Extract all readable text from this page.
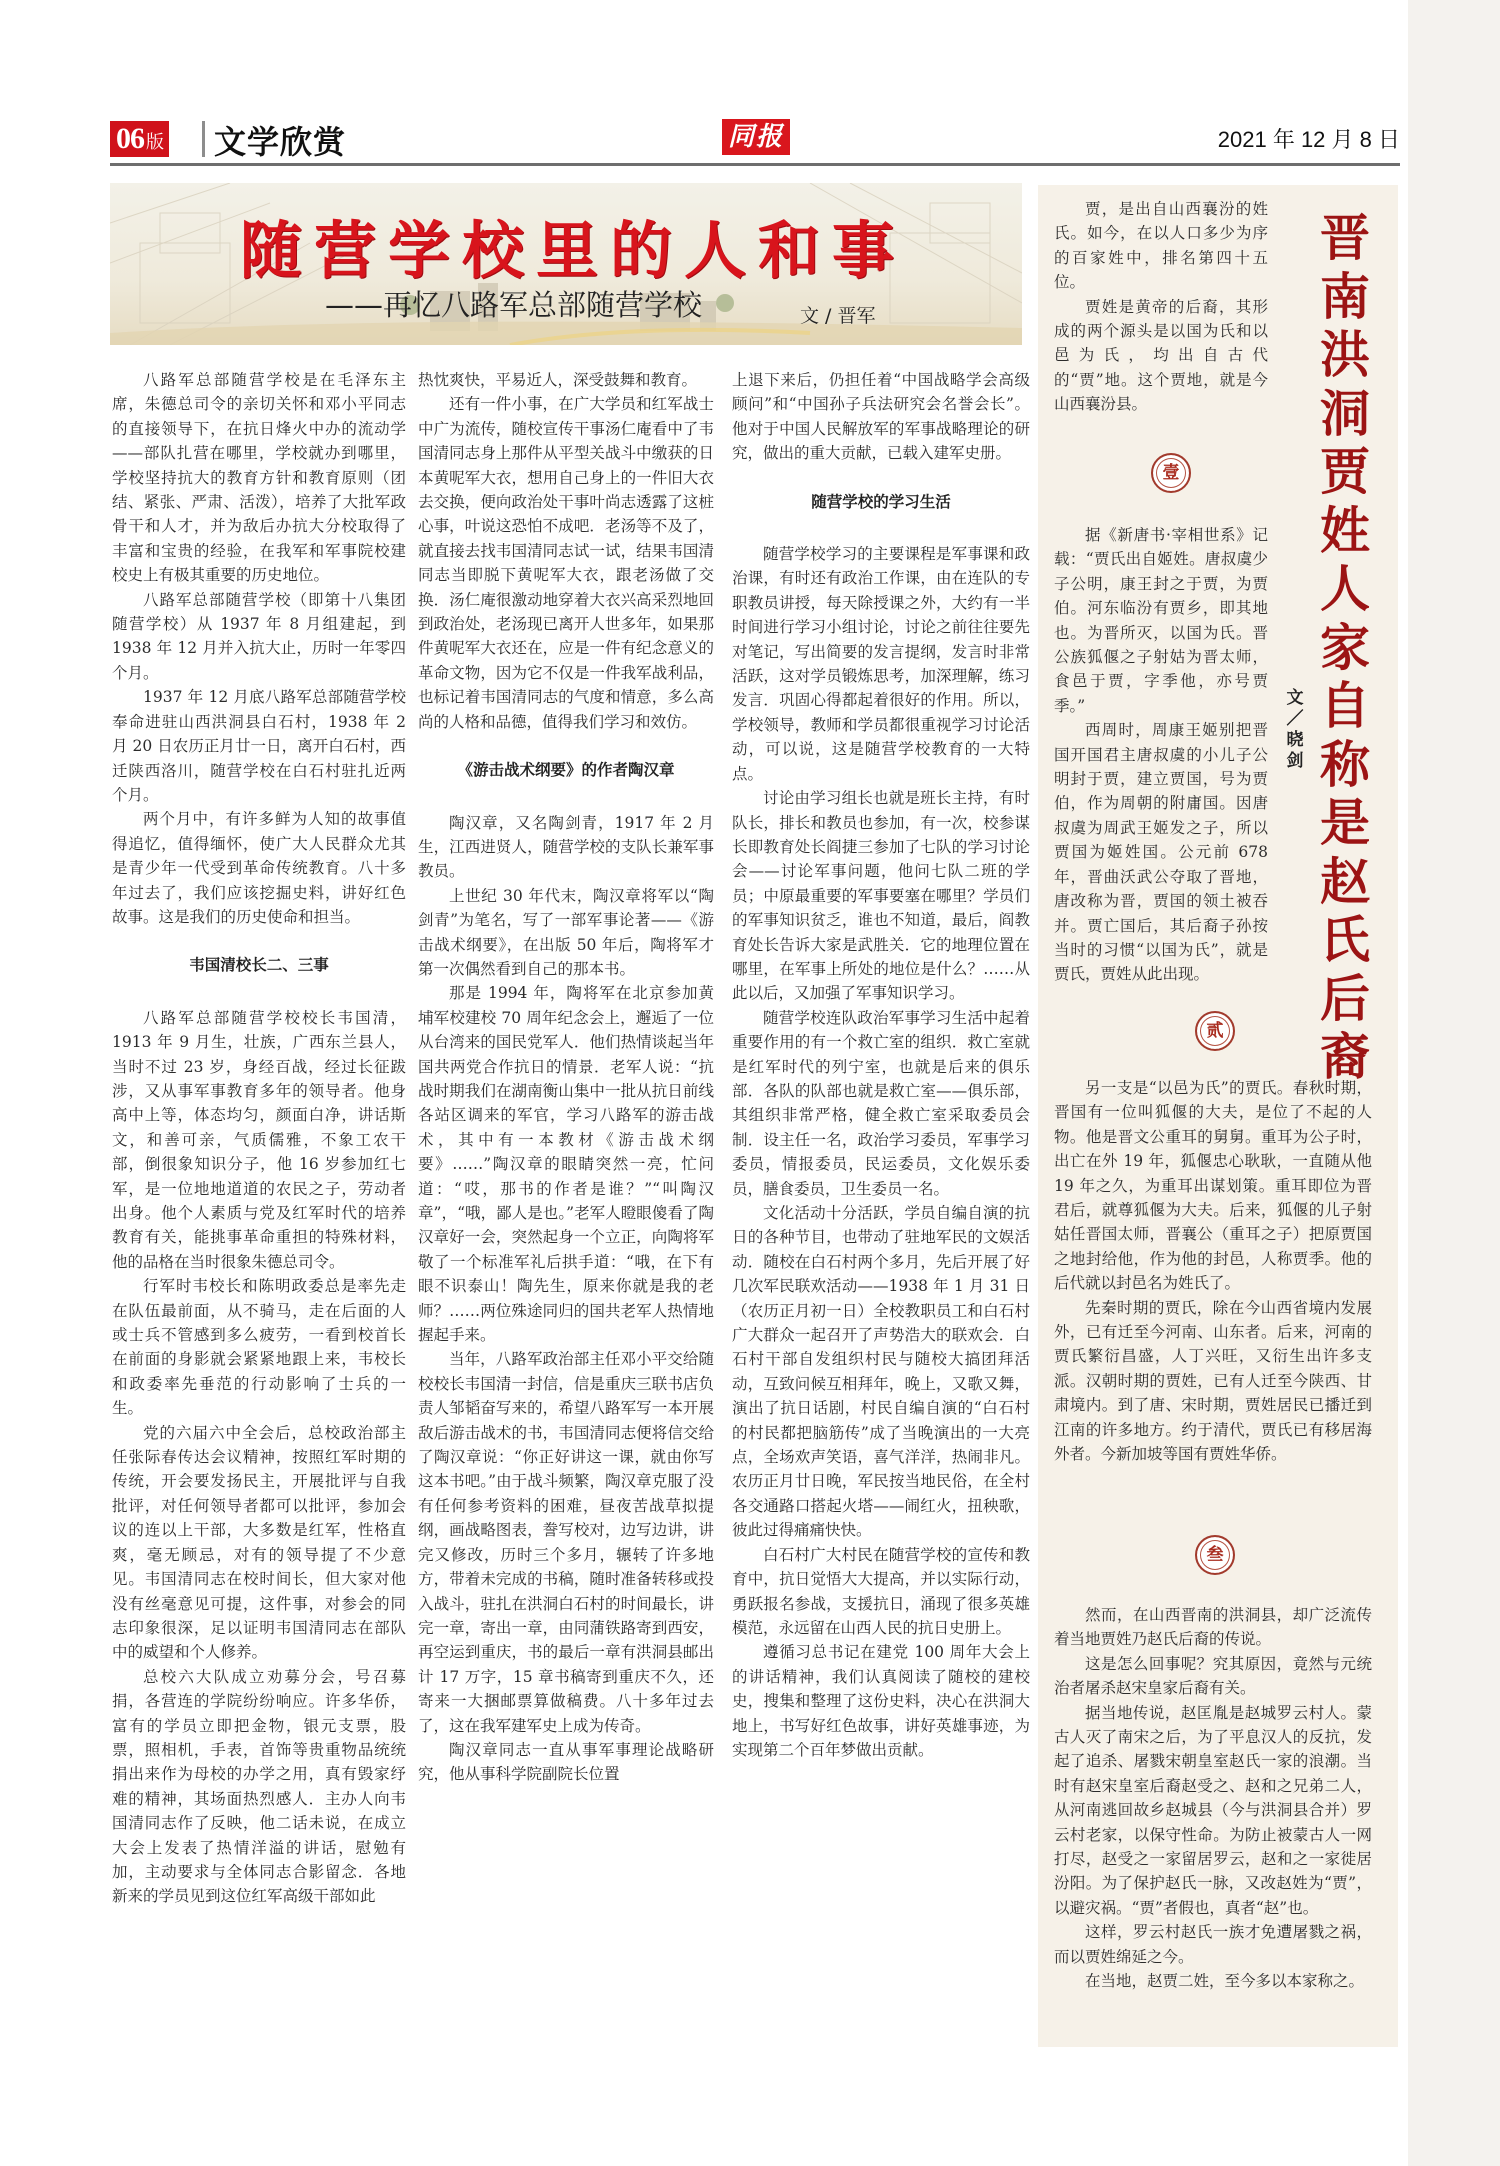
06 版 文学欣赏	同报	2021 年 12 月 8 日
随营学校里的人和事
——再忆八路军总部随营学校	文 / 晋军

八路军总部随营学校是在毛泽东主席，朱德总司令的亲切关怀和邓小平同志的直接领导下，在抗日烽火中办的流动学——部队扎营在哪里，学校就办到哪里，学校坚持抗大的教育方针和教育原则（团结、紧张、严肃、活泼），培养了大批军政骨干和人才，并为敌后办抗大分校取得了丰富和宝贵的经验，在我军和军事院校建校史上有极其重要的历史地位。

八路军总部随营学校（即第十八集团随营学校）从 1937 年 8 月组建起，到 1938 年 12 月并入抗大止，历时一年零四个月。

1937 年 12 月底八路军总部随营学校奉命进驻山西洪洞县白石村，1938 年 2 月 20 日农历正月廿一日，离开白石村，西迁陕西洛川，随营学校在白石村驻扎近两个月。

两个月中，有许多鲜为人知的故事值得追忆，值得缅怀，使广大人民群众尤其是青少年一代受到革命传统教育。八十多年过去了，我们应该挖掘史料，讲好红色故事。这是我们的历史使命和担当。

韦国清校长二、三事

八路军总部随营学校校长韦国清，1913 年 9 月生，壮族，广西东兰县人，当时不过 23 岁，身经百战，经过长征跋涉，又从事军事教育多年的领导者。他身高中上等，体态均匀，颜面白净，讲话斯文，和善可亲，气质儒雅，不象工农干部，倒很象知识分子，他 16 岁参加红七军，是一位地地道道的农民之子，劳动者出身。他个人素质与党及红军时代的培养教育有关，能挑事革命重担的特殊材料，他的品格在当时很象朱德总司令。

行军时韦校长和陈明政委总是率先走在队伍最前面，从不骑马，走在后面的人或士兵不管感到多么疲劳，一看到校首长在前面的身影就会紧紧地跟上来，韦校长和政委率先垂范的行动影响了士兵的一生。

党的六届六中全会后，总校政治部主任张际春传达会议精神，按照红军时期的传统，开会要发扬民主，开展批评与自我批评，对任何领导者都可以批评，参加会议的连以上干部，大多数是红军，性格直爽，毫无顾忌，对有的领导提了不少意见。韦国清同志在校时间长，但大家对他没有丝毫意见可提，这件事，对参会的同志印象很深，足以证明韦国清同志在部队中的威望和个人修养。

总校六大队成立劝募分会，号召募捐，各营连的学院纷纷响应。许多华侨，富有的学员立即把金物，银元支票，股票，照相机，手表，首饰等贵重物品统统捐出来作为母校的办学之用，真有毁家纾难的精神，其场面热烈感人．主办人向韦国清同志作了反映，他二话未说，在成立大会上发表了热情洋溢的讲话，慰勉有加，主动要求与全体同志合影留念．各地新来的学员见到这位红军高级干部如此

热忱爽快，平易近人，深受鼓舞和教育。

还有一件小事，在广大学员和红军战士中广为流传，随校宣传干事汤仁庵看中了韦国清同志身上那件从平型关战斗中缴获的日本黄呢军大衣，想用自己身上的一件旧大衣去交换，便向政治处干事叶尚志透露了这桩心事，叶说这恐怕不成吧．老汤等不及了，就直接去找韦国清同志试一试，结果韦国清同志当即脱下黄呢军大衣，跟老汤做了交换．汤仁庵很激动地穿着大衣兴高采烈地回到政治处，老汤现已离开人世多年，如果那件黄呢军大衣还在，应是一件有纪念意义的革命文物，因为它不仅是一件我军战利品，也标记着韦国清同志的气度和情意，多么高尚的人格和品德，值得我们学习和效仿。

《游击战术纲要》的作者陶汉章

陶汉章，又名陶剑青，1917 年 2 月生，江西进贤人，随营学校的支队长兼军事教员。

上世纪 30 年代末，陶汉章将军以“陶剑青”为笔名，写了一部军事论著——《游击战术纲要》，在出版 50 年后，陶将军才第一次偶然看到自己的那本书。

那是 1994 年，陶将军在北京参加黄埔军校建校 70 周年纪念会上，邂逅了一位从台湾来的国民党军人．他们热情谈起当年国共两党合作抗日的情景．老军人说：“抗战时期我们在湖南衡山集中一批从抗日前线各站区调来的军官，学习八路军的游击战术，其中有一本教材《游击战术纲要》……”陶汉章的眼睛突然一亮，忙问道：“哎，那书的作者是谁？”“叫陶汉章”，“哦，鄙人是也。”老军人瞪眼傻看了陶汉章好一会，突然起身一个立正，向陶将军敬了一个标准军礼后拱手道：“哦，在下有眼不识泰山！陶先生，原来你就是我的老师？……两位殊途同归的国共老军人热情地握起手来。

当年，八路军政治部主任邓小平交给随校校长韦国清一封信，信是重庆三联书店负责人邹韬奋写来的，希望八路军写一本开展敌后游击战术的书，韦国清同志便将信交给了陶汉章说：“你正好讲这一课，就由你写这本书吧。”由于战斗频繁，陶汉章克服了没有任何参考资料的困难，昼夜苦战草拟提纲，画战略图表，誊写校对，边写边讲，讲完又修改，历时三个多月，辗转了许多地方，带着未完成的书稿，随时准备转移或投入战斗，驻扎在洪洞白石村的时间最长，讲完一章，寄出一章，由同蒲铁路寄到西安，再空运到重庆，书的最后一章有洪洞县邮出计 17 万字，15 章书稿寄到重庆不久，还寄来一大捆邮票算做稿费。八十多年过去了，这在我军建军史上成为传奇。

陶汉章同志一直从事军事理论战略研究，他从事科学院副院长位置

上退下来后，仍担任着“中国战略学会高级顾问”和“中国孙子兵法研究会名誉会长”。他对于中国人民解放军的军事战略理论的研究，做出的重大贡献，已载入建军史册。

随营学校的学习生活

随营学校学习的主要课程是军事课和政治课，有时还有政治工作课，由在连队的专职教员讲授，每天除授课之外，大约有一半时间进行学习小组讨论，讨论之前往往要先对笔记，写出简要的发言提纲，发言时非常活跃，这对学员锻炼思考，加深理解，练习发言．巩固心得都起着很好的作用。所以，学校领导，教师和学员都很重视学习讨论活动，可以说，这是随营学校教育的一大特点。

讨论由学习组长也就是班长主持，有时队长，排长和教员也参加，有一次，校参谋长即教育处长阎捷三参加了七队的学习讨论会——讨论军事问题，他问七队二班的学员；中原最重要的军事要塞在哪里？学员们的军事知识贫乏，谁也不知道，最后，阎教育处长告诉大家是武胜关．它的地理位置在哪里，在军事上所处的地位是什么？……从此以后，又加强了军事知识学习。

随营学校连队政治军事学习生活中起着重要作用的有一个救亡室的组织．救亡室就是红军时代的列宁室，也就是后来的俱乐部．各队的队部也就是救亡室——俱乐部，其组织非常严格，健全救亡室采取委员会制．设主任一名，政治学习委员，军事学习委员，情报委员，民运委员，文化娱乐委员，膳食委员，卫生委员一名。

文化活动十分活跃，学员自编自演的抗日的各种节目，也带动了驻地军民的文娱活动．随校在白石村两个多月，先后开展了好几次军民联欢活动——1938 年 1 月 31 日（农历正月初一日）全校教职员工和白石村广大群众一起召开了声势浩大的联欢会．白石村干部自发组织村民与随校大搞团拜活动，互致问候互相拜年，晚上，又歌又舞，演出了抗日话剧，村民自编自演的“白石村的村民都把脑筋传”成了当晚演出的一大亮点，全场欢声笑语，喜气洋洋，热闹非凡。农历正月廿日晚，军民按当地民俗，在全村各交通路口搭起火塔——闹红火，扭秧歌，彼此过得痛痛快快。

白石村广大村民在随营学校的宣传和教育中，抗日觉悟大大提高，并以实际行动，勇跃报名参战，支援抗日，涌现了很多英雄模范，永远留在山西人民的抗日史册上。

遵循习总书记在建党 100 周年大会上的讲话精神，我们认真阅读了随校的建校史，搜集和整理了这份史料，决心在洪洞大地上，书写好红色故事，讲好英雄事迹，为实现第二个百年梦做出贡献。

晋
南
洪
洞
贾
姓
人
家
自
称
是
赵
氏
后
裔
文
／
晓
剑

贾，是出自山西襄汾的姓氏。如今，在以人口多少为序的百家姓中，排名第四十五位。

贾姓是黄帝的后裔，其形成的两个源头是以国为氏和以邑为氏，均出自古代的“贾”地。这个贾地，就是今山西襄汾县。

壹

据《新唐书·宰相世系》记载：“贾氏出自姬姓。唐叔虞少子公明，康王封之于贾，为贾伯。河东临汾有贾乡，即其地也。为晋所灭，以国为氏。晋公族狐偃之子射姑为晋太师，食邑于贾，字季他，亦号贾季。”

西周时，周康王姬别把晋国开国君主唐叔虞的小儿子公明封于贾，建立贾国，号为贾伯，作为周朝的附庸国。因唐叔虞为周武王姬发之子，所以贾国为姬姓国。公元前 678 年，晋曲沃武公夺取了晋地，唐改称为晋，贾国的领土被吞并。贾亡国后，其后裔子孙按当时的习惯“以国为氏”，就是贾氏，贾姓从此出现。

贰

另一支是“以邑为氏”的贾氏。春秋时期，晋国有一位叫狐偃的大夫，是位了不起的人物。他是晋文公重耳的舅舅。重耳为公子时，出亡在外 19 年，狐偃忠心耿耿，一直随从他 19 年之久，为重耳出谋划策。重耳即位为晋君后，就尊狐偃为大夫。后来，狐偃的儿子射姑任晋国太师，晋襄公（重耳之子）把原贾国之地封给他，作为他的封邑，人称贾季。他的后代就以封邑名为姓氏了。

先秦时期的贾氏，除在今山西省境内发展外，已有迁至今河南、山东者。后来，河南的贾氏繁衍昌盛，人丁兴旺，又衍生出许多支派。汉朝时期的贾姓，已有人迁至今陕西、甘肃境内。到了唐、宋时期，贾姓居民已播迁到江南的许多地方。约于清代，贾氏已有移居海外者。今新加坡等国有贾姓华侨。

叁

然而，在山西晋南的洪洞县，却广泛流传着当地贾姓乃赵氏后裔的传说。

这是怎么回事呢？究其原因，竟然与元统治者屠杀赵宋皇家后裔有关。

据当地传说，赵匡胤是赵城罗云村人。蒙古人灭了南宋之后，为了平息汉人的反抗，发起了追杀、屠戮宋朝皇室赵氏一家的浪潮。当时有赵宋皇室后裔赵受之、赵和之兄弟二人，从河南逃回故乡赵城县（今与洪洞县合并）罗云村老家，以保守性命。为防止被蒙古人一网打尽，赵受之一家留居罗云，赵和之一家徙居汾阳。为了保护赵氏一脉，又改赵姓为“贾”，以避灾祸。“贾”者假也，真者“赵”也。

这样，罗云村赵氏一族才免遭屠戮之祸，而以贾姓绵延之今。

在当地，赵贾二姓，至今多以本家称之。
